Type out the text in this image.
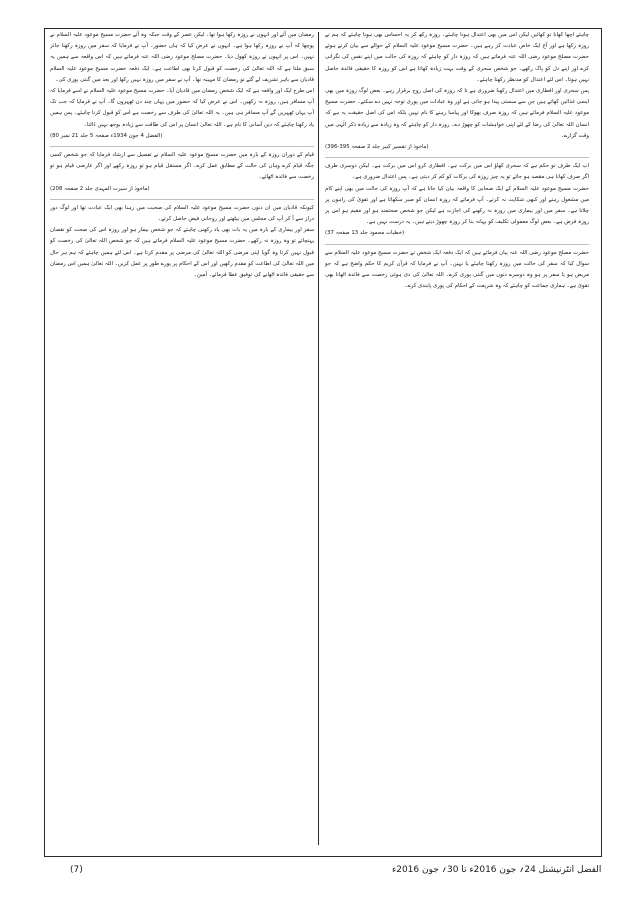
چاہئے اچھا کھانا تو کھائیں لیکن اس میں بھی اعتدال ہونا چاہئے۔ روزہ رکھ کر یہ احساس بھی ہونا چاہئے کہ ہم نے روزہ رکھا ہے اور آج ایک خاص عبادت کر رہے ہیں۔ حضرت مسیح موعود علیہ السلام کے حوالے سے بیان کرتے ہوئے حضرت مصلح موعود رضی اللہ عنہ فرماتے ہیں کہ روزہ دار کو چاہئے کہ روزہ کی حالت میں اپنے نفس کی نگرانی کرے اور اپنے دل کو پاک رکھے۔ جو شخص سحری کے وقت بہت زیادہ کھاتا ہے اس کو روزہ کا حقیقی فائدہ حاصل نہیں ہوتا۔ اس لئے اعتدال کو مدنظر رکھنا چاہئے۔

پس سحری اور افطاری میں اعتدال رکھنا ضروری ہے تا کہ روزہ کی اصل روح برقرار رہے۔ بعض لوگ روزہ میں بھی ایسی غذائیں کھاتے ہیں جن سے سستی پیدا ہو جاتی ہے اور وہ عبادات میں پوری توجہ نہیں دے سکتے۔ حضرت مسیح موعود علیہ السلام فرماتے ہیں کہ روزہ صرف بھوکا اور پیاسا رہنے کا نام نہیں بلکہ اس کی اصل حقیقت یہ ہے کہ انسان اللہ تعالیٰ کی رضا کے لئے اپنی خواہشات کو چھوڑ دے۔ روزہ دار کو چاہئے کہ وہ زیادہ سے زیادہ ذکر الٰہی میں وقت گزارے۔

(ماخوذ از تفسیر کبیر جلد 2 صفحہ 395-396)

اب ایک طرف تو حکم ہے کہ سحری کھاؤ اس میں برکت ہے۔ افطاری کرو اس میں برکت ہے۔ لیکن دوسری طرف اگر صرف کھانا ہی مقصد ہو جائے تو یہ چیز روزہ کی برکات کو کم کر دیتی ہے۔ پس اعتدال ضروری ہے۔

حضرت مسیح موعود علیہ السلام کے ایک صحابی کا واقعہ بیان کیا جاتا ہے کہ آپ روزہ کی حالت میں بھی اپنے کام میں مشغول رہتے اور کبھی شکایت نہ کرتے۔ آپ فرماتے کہ روزہ انسان کو صبر سکھاتا ہے اور تقویٰ کی راہوں پر چلاتا ہے۔ سفر میں اور بیماری میں روزہ نہ رکھنے کی اجازت ہے لیکن جو شخص صحتمند ہو اور مقیم ہو اس پر روزہ فرض ہے۔ بعض لوگ معمولی تکلیف کو بہانہ بنا کر روزہ چھوڑ دیتے ہیں۔ یہ درست نہیں ہے۔

(خطبات محمود جلد 13 صفحہ 37)

حضرت مصلح موعود رضی اللہ عنہ بیان فرماتے ہیں کہ ایک دفعہ ایک شخص نے حضرت مسیح موعود علیہ السلام سے سوال کیا کہ سفر کی حالت میں روزہ رکھنا چاہئے یا نہیں۔ آپ نے فرمایا کہ قرآن کریم کا حکم واضح ہے کہ جو مریض ہو یا سفر پر ہو وہ دوسرے دنوں میں گنتی پوری کرے۔ اللہ تعالیٰ کی دی ہوئی رخصت سے فائدہ اٹھانا بھی تقویٰ ہے۔ ہماری جماعت کو چاہئے کہ وہ شریعت کے احکام کی پوری پابندی کرے۔

رمضان میں آئے اور انہوں نے روزہ رکھا ہوا تھا۔ لیکن عصر کے وقت جبکہ وہ آئے حضرت مسیح موعود علیہ السلام نے پوچھا کہ آپ نے روزہ رکھا ہوا ہے۔ انہوں نے عرض کیا کہ ہاں حضور۔ آپ نے فرمایا کہ سفر میں روزہ رکھنا جائز نہیں۔ اس پر انہوں نے روزہ کھول دیا۔ حضرت مصلح موعود رضی اللہ عنہ فرماتے ہیں کہ اس واقعہ سے ہمیں یہ سبق ملتا ہے کہ اللہ تعالیٰ کی رخصت کو قبول کرنا بھی اطاعت ہے۔ ایک دفعہ حضرت مسیح موعود علیہ السلام قادیان سے باہر تشریف لے گئے تو رمضان کا مہینہ تھا۔ آپ نے سفر میں روزہ نہیں رکھا اور بعد میں گنتی پوری کی۔

اس طرح ایک اور واقعہ ہے کہ ایک شخص رمضان میں قادیان آیا۔ حضرت مسیح موعود علیہ السلام نے اسے فرمایا کہ آپ مسافر ہیں، روزہ نہ رکھیں۔ اس نے عرض کیا کہ حضور میں یہاں چند دن ٹھہروں گا۔ آپ نے فرمایا کہ جب تک آپ یہاں ٹھہریں گے آپ مسافر ہی ہیں۔ یہ اللہ تعالیٰ کی طرف سے رخصت ہے اس کو قبول کرنا چاہئے۔ پس ہمیں یاد رکھنا چاہئے کہ دین آسانی کا نام ہے۔ اللہ تعالیٰ انسان پر اس کی طاقت سے زیادہ بوجھ نہیں ڈالتا۔

(الفضل 4 جون 1934ء صفحہ 5 جلد 21 نمبر 80)

قیام کے دوران روزہ کے بارہ میں حضرت مسیح موعود علیہ السلام نے تفصیل سے ارشاد فرمایا کہ جو شخص کسی جگہ قیام کرے وہاں کی حالت کے مطابق عمل کرے۔ اگر مستقل قیام ہو تو روزہ رکھے اور اگر عارضی قیام ہو تو رخصت سے فائدہ اٹھائے۔

(ماخوذ از سیرت المہدی جلد 2 صفحہ 208)

کیونکہ قادیان میں ان دنوں حضرت مسیح موعود علیہ السلام کی صحبت میں رہنا بھی ایک عبادت تھا اور لوگ دور دراز سے آ کر آپ کی مجلس میں بیٹھتے اور روحانی فیض حاصل کرتے۔

سفر اور بیماری کے بارہ میں یہ بات بھی یاد رکھنی چاہئے کہ جو شخص بیمار ہو اور روزہ اس کی صحت کو نقصان پہنچائے تو وہ روزہ نہ رکھے۔ حضرت مسیح موعود علیہ السلام فرماتے ہیں کہ جو شخص اللہ تعالیٰ کی رخصت کو قبول نہیں کرتا وہ گویا اپنی مرضی کو اللہ تعالیٰ کی مرضی پر مقدم کرتا ہے۔ اس لئے ہمیں چاہئے کہ ہم ہر حال میں اللہ تعالیٰ کی اطاعت کو مقدم رکھیں اور اس کے احکام پر پورے طور پر عمل کریں۔ اللہ تعالیٰ ہمیں اس رمضان سے حقیقی فائدہ اٹھانے کی توفیق عطا فرمائے۔ آمین۔

الفضل انٹرنیشنل 24؍ جون 2016ء تا 30؍ جون 2016ء
(7)
